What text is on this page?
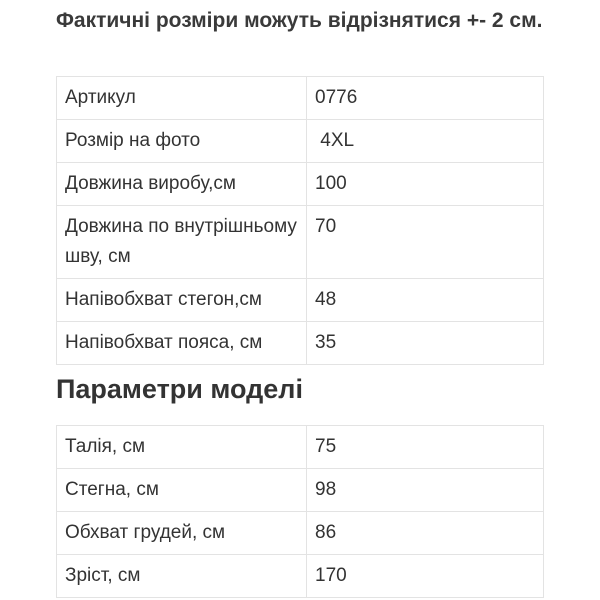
Фактичні розміри можуть відрізнятися +- 2 см.

Артикул	0776
Розмір на фото	4XL
Довжина виробу,см	100
Довжина по внутрішньому шву, см	70
Напівобхват стегон,см	48
Напівобхват пояса, см	35
Параметри моделі
Талія, см	75
Стегна, см	98
Обхват грудей, см	86
Зріст, см	170
